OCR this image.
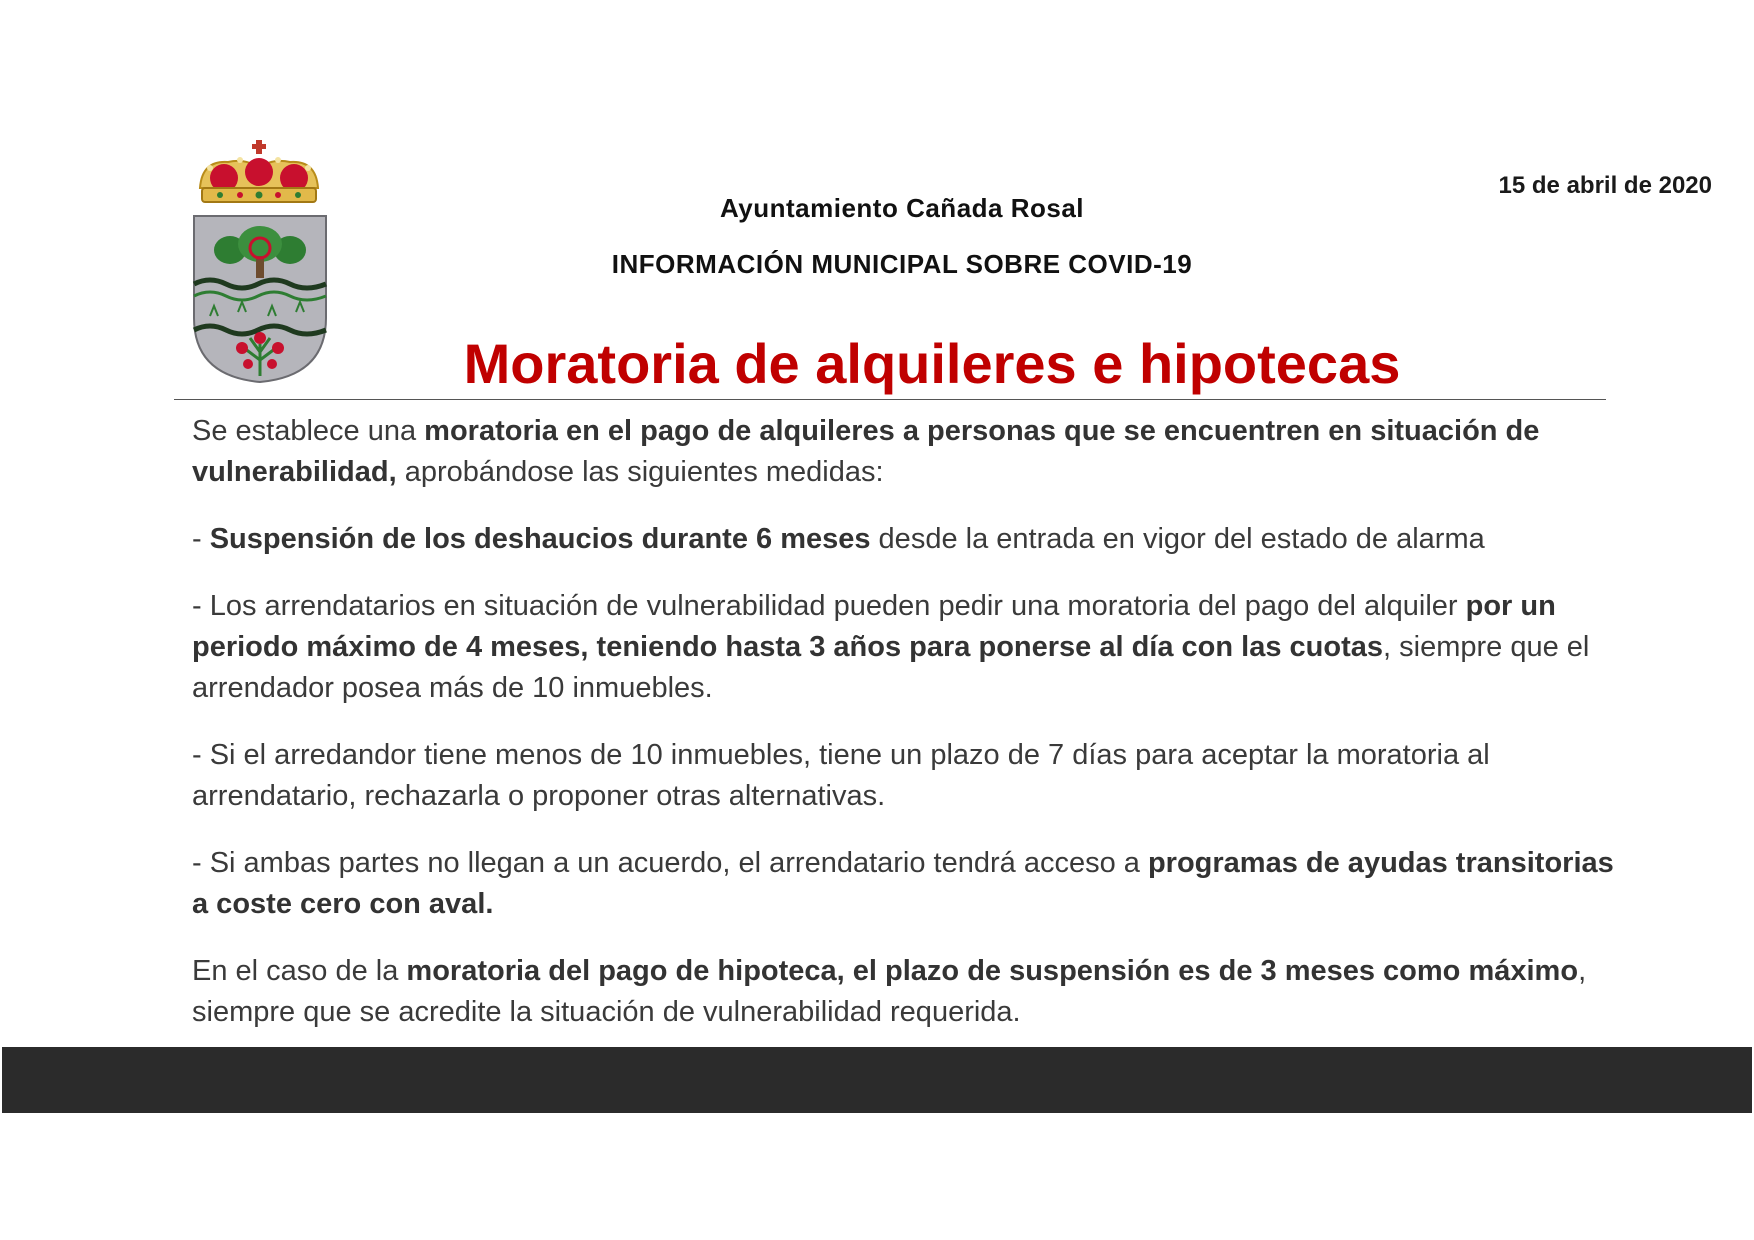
15 de abril de 2020
Ayuntamiento Cañada Rosal
INFORMACIÓN MUNICIPAL SOBRE COVID-19
Moratoria de alquileres e hipotecas

Se establece una moratoria en el pago de alquileres a personas que se encuentren en situación de vulnerabilidad, aprobándose las siguientes medidas:

- Suspensión de los deshaucios durante 6 meses desde la entrada en vigor del estado de alarma

- Los arrendatarios en situación de vulnerabilidad pueden pedir una moratoria del pago del alquiler por un periodo máximo de 4 meses, teniendo hasta 3 años para ponerse al día con las cuotas, siempre que el arrendador posea más de 10 inmuebles.

- Si el arredandor tiene menos de 10 inmuebles, tiene un plazo de 7 días para aceptar la moratoria al arrendatario, rechazarla o proponer otras alternativas.

- Si ambas partes no llegan a un acuerdo, el arrendatario tendrá acceso a programas de ayudas transitorias a coste cero con aval.

En el caso de la moratoria del pago de hipoteca, el plazo de suspensión es de 3 meses como máximo, siempre que se acredite la situación de vulnerabilidad requerida.
